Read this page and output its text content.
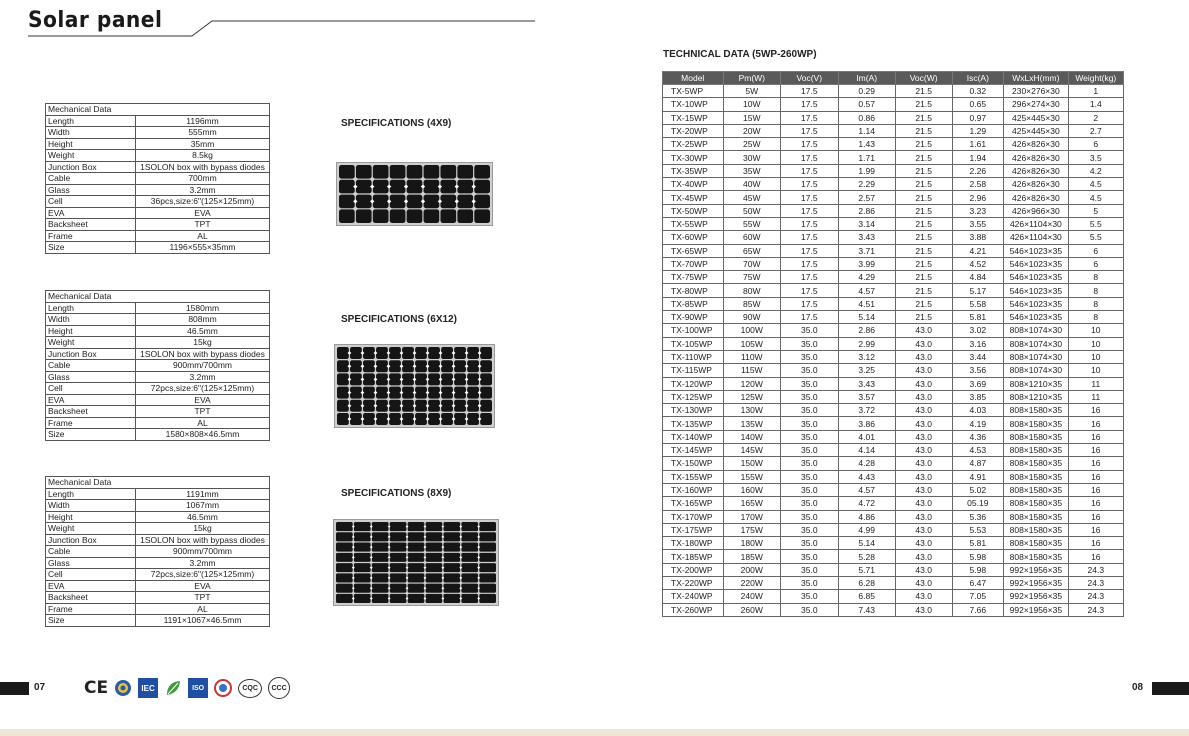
Solar panel
Mechanical Data	
Length	1196mm
Width	555mm
Height	35mm
Weight	8.5kg
Junction Box	1SOLON box with bypass diodes
Cable	700mm
Glass	3.2mm
Cell	36pcs,size:6"(125×125mm)
EVA	EVA
Backsheet	TPT
Frame	AL
Size	1196×555×35mm
Mechanical Data	
Length	1580mm
Width	808mm
Height	46.5mm
Weight	15kg
Junction Box	1SOLON box with bypass diodes
Cable	900mm/700mm
Glass	3.2mm
Cell	72pcs,size:6"(125×125mm)
EVA	EVA
Backsheet	TPT
Frame	AL
Size	1580×808×46.5mm
Mechanical Data	
Length	1191mm
Width	1067mm
Height	46.5mm
Weight	15kg
Junction Box	1SOLON box with bypass diodes
Cable	900mm/700mm
Glass	3.2mm
Cell	72pcs,size:6"(125×125mm)
EVA	EVA
Backsheet	TPT
Frame	AL
Size	1191×1067×46.5mm
SPECIFICATIONS (4X9)
SPECIFICATIONS (6X12)
SPECIFICATIONS (8X9)
TECHNICAL DATA (5WP-260WP)
Model	Pm(W)	Voc(V)	Im(A)	Voc(W)	Isc(A)	WxLxH(mm)	Weight(kg)
TX-5WP	5W	17.5	0.29	21.5	0.32	230×276×30	1
TX-10WP	10W	17.5	0.57	21.5	0.65	296×274×30	1.4
TX-15WP	15W	17.5	0.86	21.5	0.97	425×445×30	2
TX-20WP	20W	17.5	1.14	21.5	1.29	425×445×30	2.7
TX-25WP	25W	17.5	1.43	21.5	1.61	426×826×30	6
TX-30WP	30W	17.5	1.71	21.5	1.94	426×826×30	3.5
TX-35WP	35W	17.5	1.99	21.5	2.26	426×826×30	4.2
TX-40WP	40W	17.5	2.29	21.5	2.58	426×826×30	4.5
TX-45WP	45W	17.5	2.57	21.5	2.96	426×826×30	4.5
TX-50WP	50W	17.5	2.86	21.5	3.23	426×966×30	5
TX-55WP	55W	17.5	3.14	21.5	3.55	426×1104×30	5.5
TX-60WP	60W	17.5	3.43	21.5	3.88	426×1104×30	5.5
TX-65WP	65W	17.5	3.71	21.5	4.21	546×1023×35	6
TX-70WP	70W	17.5	3.99	21.5	4.52	546×1023×35	6
TX-75WP	75W	17.5	4.29	21.5	4.84	546×1023×35	8
TX-80WP	80W	17.5	4.57	21.5	5.17	546×1023×35	8
TX-85WP	85W	17.5	4.51	21.5	5.58	546×1023×35	8
TX-90WP	90W	17.5	5.14	21.5	5.81	546×1023×35	8
TX-100WP	100W	35.0	2.86	43.0	3.02	808×1074×30	10
TX-105WP	105W	35.0	2.99	43.0	3.16	808×1074×30	10
TX-110WP	110W	35.0	3.12	43.0	3.44	808×1074×30	10
TX-115WP	115W	35.0	3.25	43.0	3.56	808×1074×30	10
TX-120WP	120W	35.0	3.43	43.0	3.69	808×1210×35	11
TX-125WP	125W	35.0	3.57	43.0	3.85	808×1210×35	11
TX-130WP	130W	35.0	3.72	43.0	4.03	808×1580×35	16
TX-135WP	135W	35.0	3.86	43.0	4.19	808×1580×35	16
TX-140WP	140W	35.0	4.01	43.0	4.36	808×1580×35	16
TX-145WP	145W	35.0	4.14	43.0	4.53	808×1580×35	16
TX-150WP	150W	35.0	4.28	43.0	4.87	808×1580×35	16
TX-155WP	155W	35.0	4.43	43.0	4.91	808×1580×35	16
TX-160WP	160W	35.0	4.57	43.0	5.02	808×1580×35	16
TX-165WP	165W	35.0	4.72	43.0	05.19	808×1580×35	16
TX-170WP	170W	35.0	4.86	43.0	5.36	808×1580×35	16
TX-175WP	175W	35.0	4.99	43.0	5.53	808×1580×35	16
TX-180WP	180W	35.0	5.14	43.0	5.81	808×1580×35	16
TX-185WP	185W	35.0	5.28	43.0	5.98	808×1580×35	16
TX-200WP	200W	35.0	5.71	43.0	5.98	992×1956×35	24.3
TX-220WP	220W	35.0	6.28	43.0	6.47	992×1956×35	24.3
TX-240WP	240W	35.0	6.85	43.0	7.05	992×1956×35	24.3
TX-260WP	260W	35.0	7.43	43.0	7.66	992×1956×35	24.3
07 CE	IEC	ISO	CQC	CCC	08
